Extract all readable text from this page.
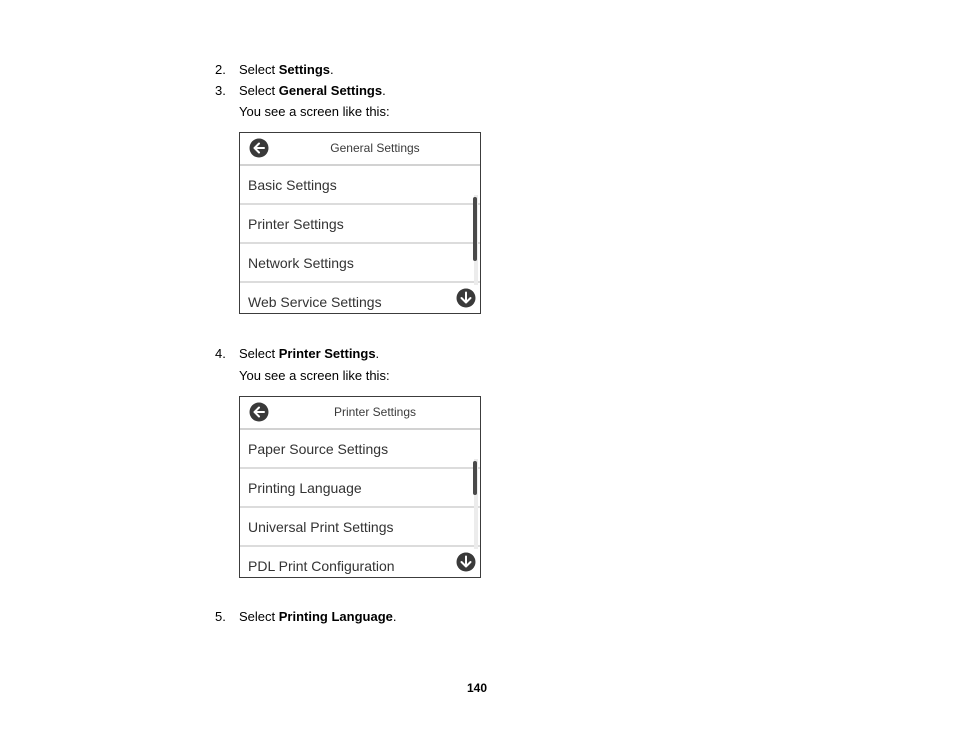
2. Select Settings.
3. Select General Settings.
You see a screen like this:
General Settings
Basic Settings
Printer Settings
Network Settings
Web Service Settings
4. Select Printer Settings.
You see a screen like this:
Printer Settings
Paper Source Settings
Printing Language
Universal Print Settings
PDL Print Configuration
5. Select Printing Language.
140
